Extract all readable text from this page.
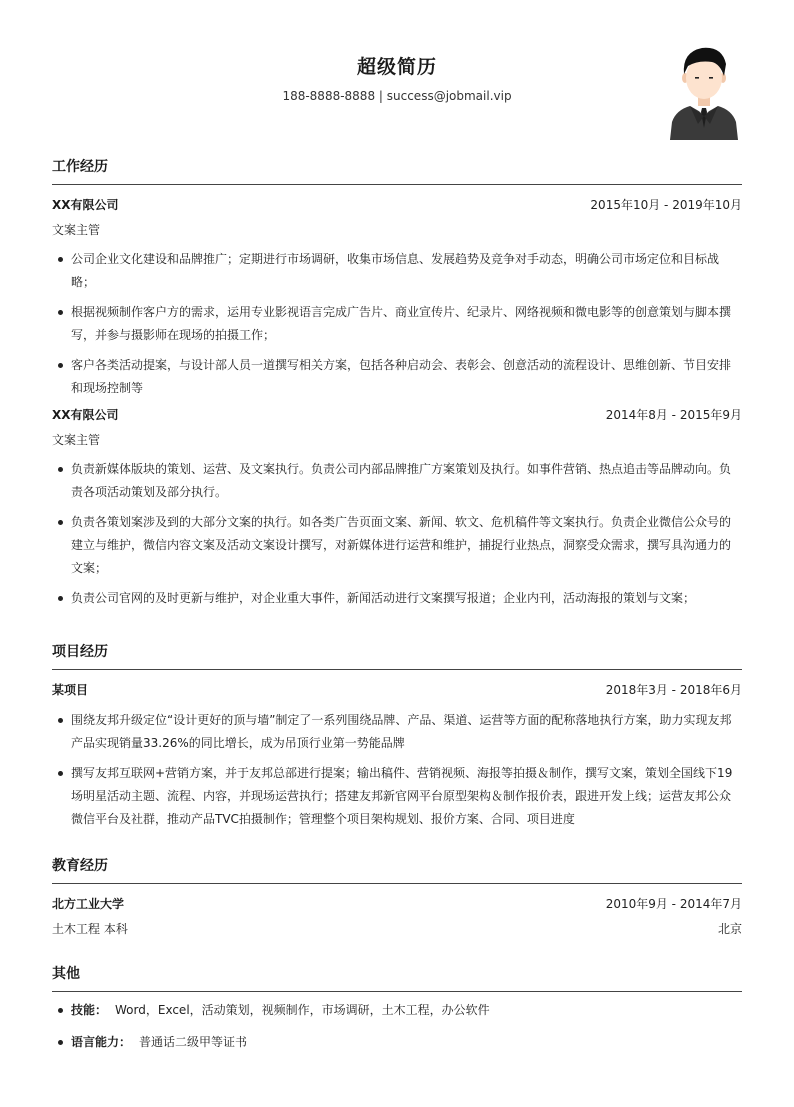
超级简历
188-8888-8888 | success@jobmail.vip
工作经历
XX有限公司	2015年10月 - 2019年10月
文案主管
公司企业文化建设和品牌推广；定期进行市场调研，收集市场信息、发展趋势及竞争对手动态，明确公司市场定位和目标战略；
根据视频制作客户方的需求，运用专业影视语言完成广告片、商业宣传片、纪录片、网络视频和微电影等的创意策划与脚本撰写，并参与摄影师在现场的拍摄工作；
客户各类活动提案，与设计部人员一道撰写相关方案，包括各种启动会、表彰会、创意活动的流程设计、思维创新、节目安排和现场控制等
XX有限公司	2014年8月 - 2015年9月
文案主管
负责新媒体版块的策划、运营、及文案执行。负责公司内部品牌推广方案策划及执行。如事件营销、热点追击等品牌动向。负责各项活动策划及部分执行。
负责各策划案涉及到的大部分文案的执行。如各类广告页面文案、新闻、软文、危机稿件等文案执行。负责企业微信公众号的建立与维护，微信内容文案及活动文案设计撰写，对新媒体进行运营和维护，捕捉行业热点，洞察受众需求，撰写具沟通力的文案；
负责公司官网的及时更新与维护，对企业重大事件，新闻活动进行文案撰写报道；企业内刊，活动海报的策划与文案；
项目经历
某项目	2018年3月 - 2018年6月
围绕友邦升级定位“设计更好的顶与墙”制定了一系列围绕品牌、产品、渠道、运营等方面的配称落地执行方案，助力实现友邦产品实现销量33.26%的同比增长，成为吊顶行业第一势能品牌
撰写友邦互联网+营销方案，并于友邦总部进行提案；输出稿件、营销视频、海报等拍摄＆制作，撰写文案，策划全国线下19场明星活动主题、流程、内容，并现场运营执行；搭建友邦新官网平台原型架构＆制作报价表，跟进开发上线；运营友邦公众微信平台及社群，推动产品TVC拍摄制作；管理整个项目架构规划、报价方案、合同、项目进度
教育经历
北方工业大学	2010年9月 - 2014年7月
土木工程 本科	北京
其他
技能： Word，Excel，活动策划，视频制作，市场调研，土木工程，办公软件
语言能力： 普通话二级甲等证书
